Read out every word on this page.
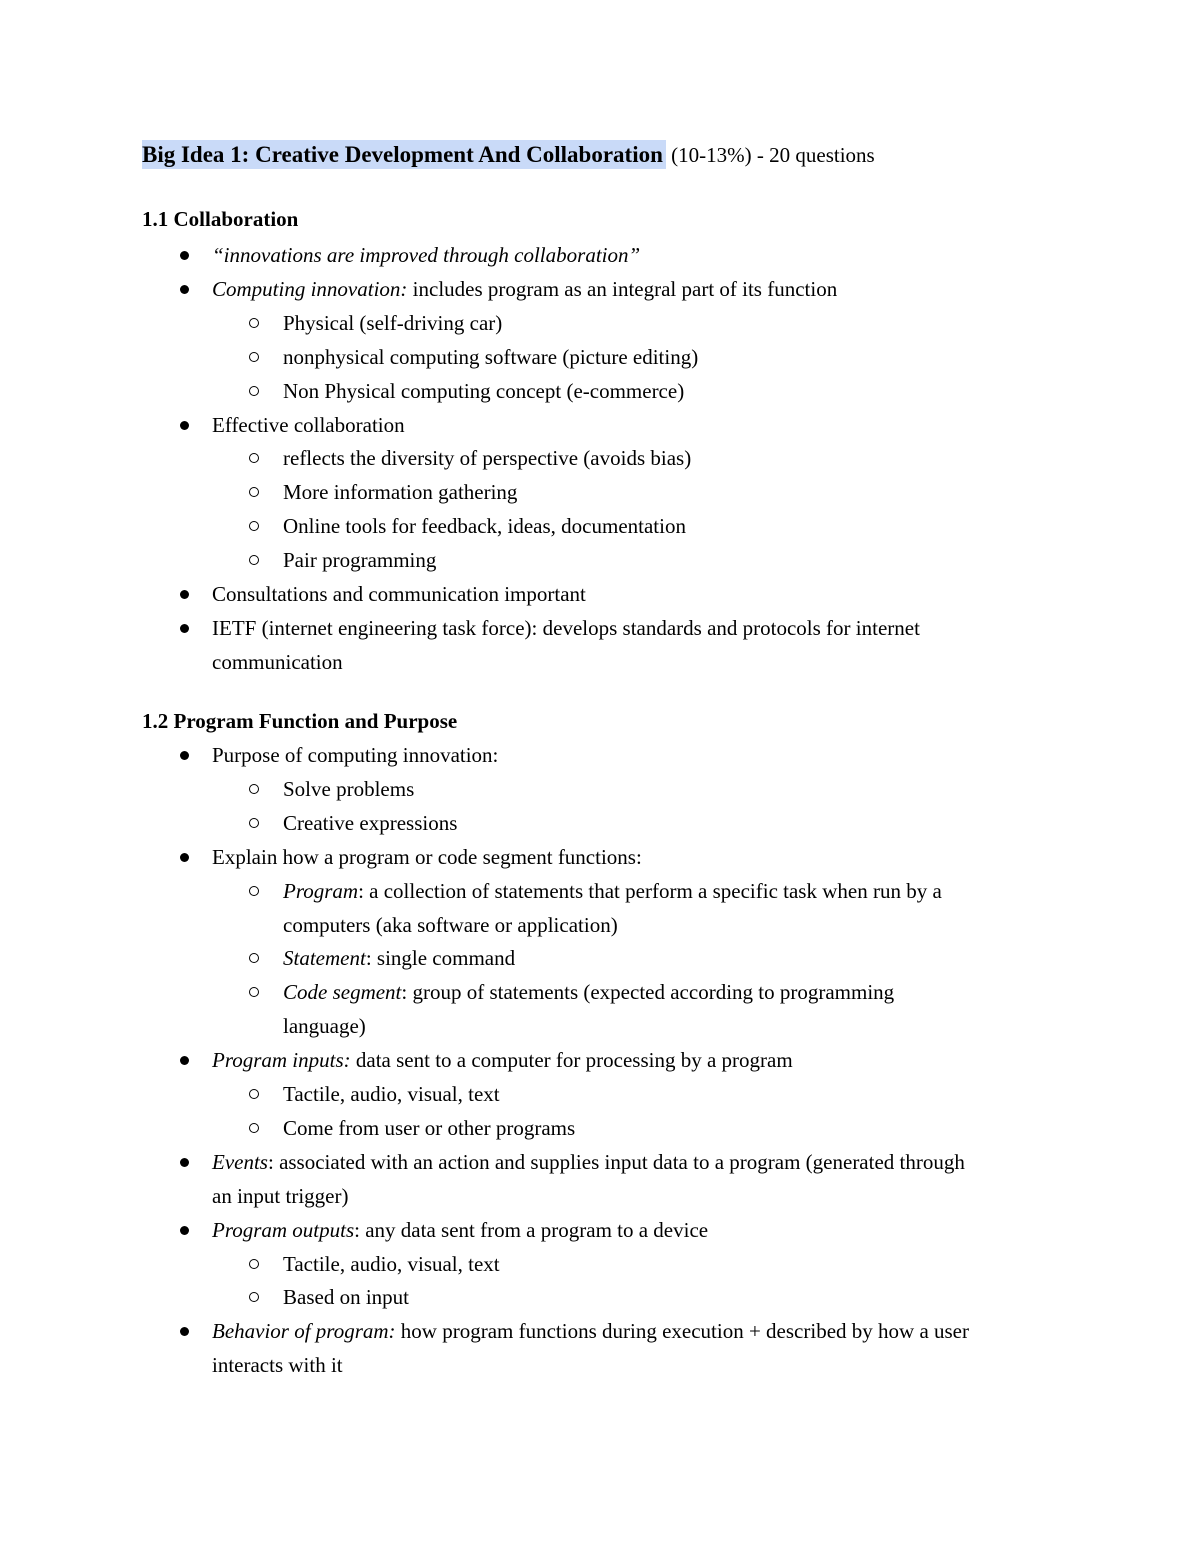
Big Idea 1: Creative Development And Collaboration (10-13%) - 20 questions
1.1 Collaboration
“innovations are improved through collaboration”
Computing innovation: includes program as an integral part of its function
Physical (self-driving car)
nonphysical computing software (picture editing)
Non Physical computing concept (e-commerce)
Effective collaboration
reflects the diversity of perspective (avoids bias)
More information gathering
Online tools for feedback, ideas, documentation
Pair programming
Consultations and communication important
IETF (internet engineering task force): develops standards and protocols for internet
communication
1.2 Program Function and Purpose
Purpose of computing innovation:
Solve problems
Creative expressions
Explain how a program or code segment functions:
Program: a collection of statements that perform a specific task when run by a
computers (aka software or application)
Statement: single command
Code segment: group of statements (expected according to programming
language)
Program inputs: data sent to a computer for processing by a program
Tactile, audio, visual, text
Come from user or other programs
Events: associated with an action and supplies input data to a program (generated through
an input trigger)
Program outputs: any data sent from a program to a device
Tactile, audio, visual, text
Based on input
Behavior of program: how program functions during execution + described by how a user
interacts with it
